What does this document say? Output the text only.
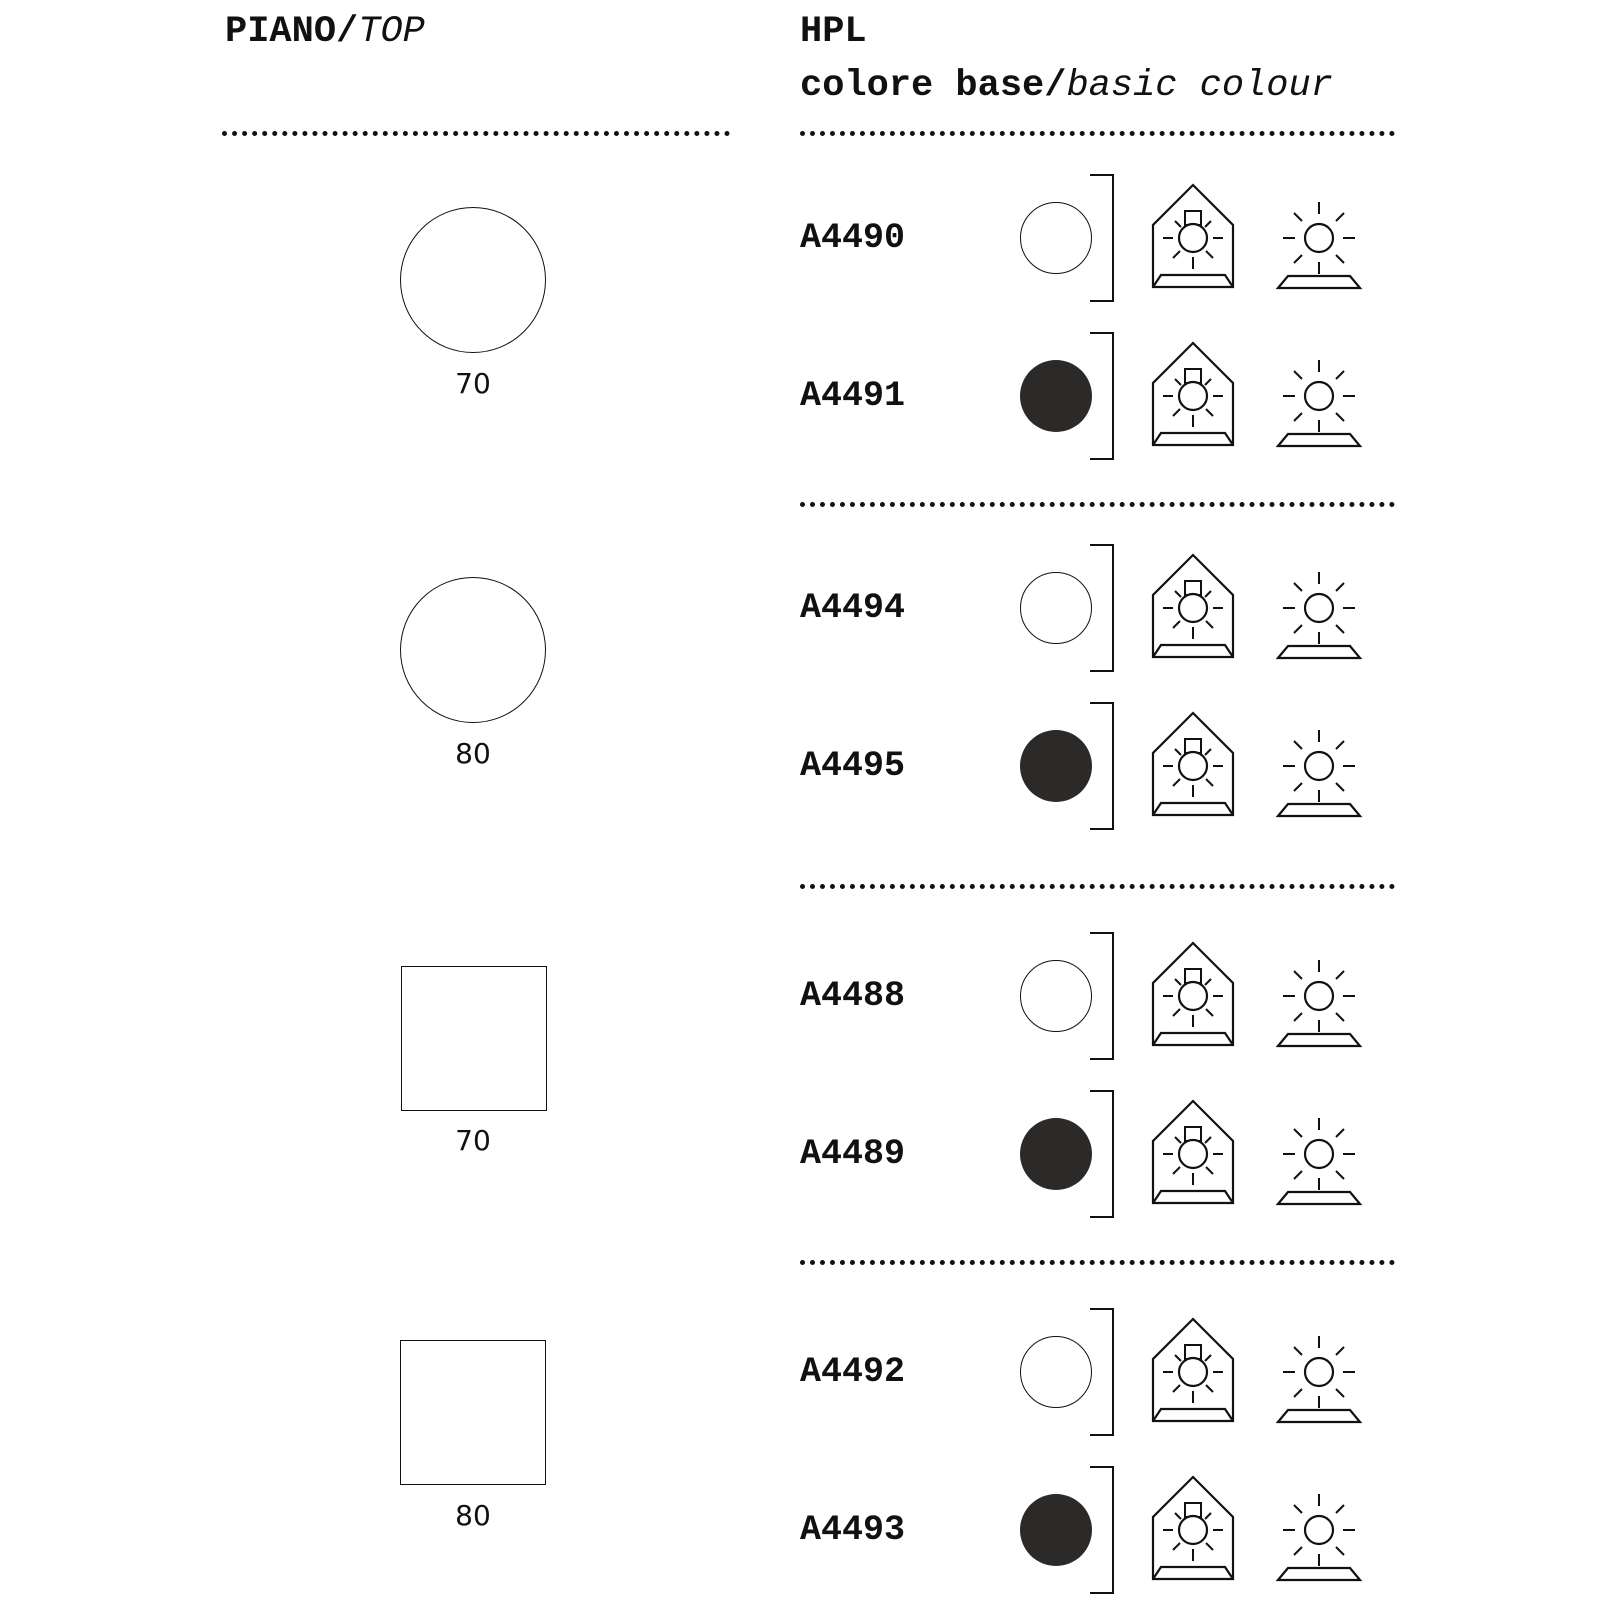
PIANO/TOP	HPL
colore base/basic colour
70
80
70
80
A4490
A4491
A4494
A4495
A4488
A4489
A4492
A4493
